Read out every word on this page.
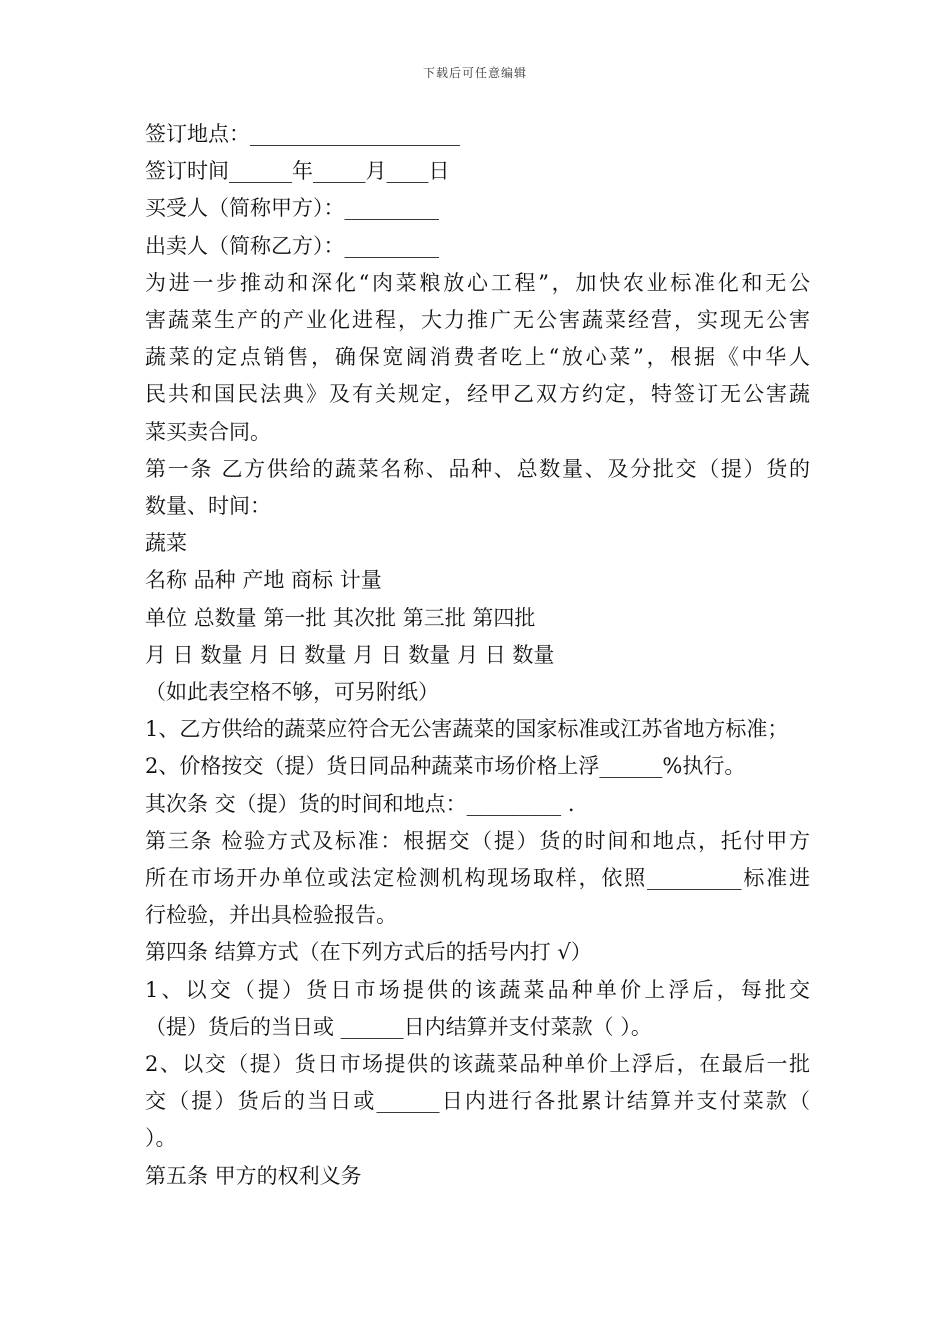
下载后可任意编辑
签订地点：____________________
签订时间______年_____月____日
买受人（简称甲方）：_________
出卖人（简称乙方）：_________
为进一步推动和深化“肉菜粮放心工程”，加快农业标准化和无公
害蔬菜生产的产业化进程，大力推广无公害蔬菜经营，实现无公害
蔬菜的定点销售，确保宽阔消费者吃上“放心菜”，根据《中华人
民共和国民法典》及有关规定，经甲乙双方约定，特签订无公害蔬
菜买卖合同。
第一条 乙方供给的蔬菜名称、品种、总数量、及分批交（提）货的
数量、时间：
蔬菜
名称 品种 产地 商标 计量
单位 总数量 第一批 其次批 第三批 第四批
月 日 数量 月 日 数量 月 日 数量 月 日 数量
（如此表空格不够，可另附纸）
1、乙方供给的蔬菜应符合无公害蔬菜的国家标准或江苏省地方标准；
2、价格按交（提）货日同品种蔬菜市场价格上浮______%执行。
其次条 交（提）货的时间和地点：_________ .
第三条 检验方式及标准：根据交（提）货的时间和地点，托付甲方
所在市场开办单位或法定检测机构现场取样，依照_________标准进
行检验，并出具检验报告。
第四条 结算方式（在下列方式后的括号内打 √）
1、以交（提）货日市场提供的该蔬菜品种单价上浮后，每批交
（提）货后的当日或 ______日内结算并支付菜款（ ）。
2、以交（提）货日市场提供的该蔬菜品种单价上浮后，在最后一批
交（提）货后的当日或______日内进行各批累计结算并支付菜款（
）。
第五条 甲方的权利义务
